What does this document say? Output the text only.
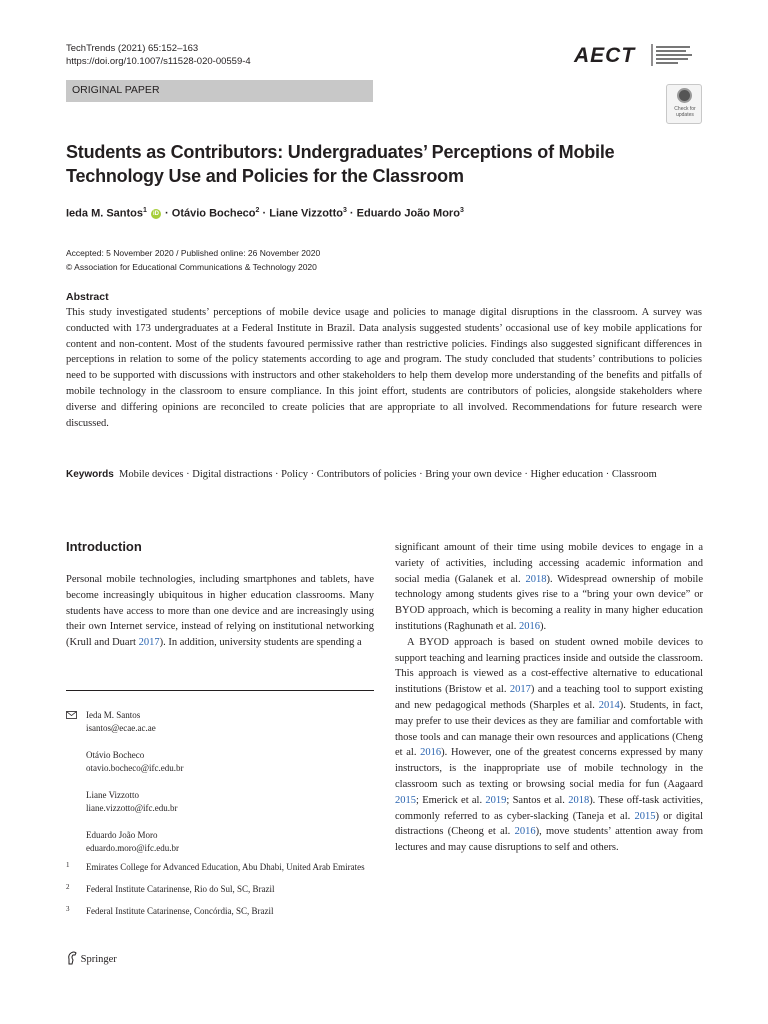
TechTrends (2021) 65:152–163
https://doi.org/10.1007/s11528-020-00559-4
ORIGINAL PAPER
AECT
Check for updates
Students as Contributors: Undergraduates’ Perceptions of Mobile Technology Use and Policies for the Classroom
Ieda M. Santos$^1$ iD · Otávio Bocheco$^2$ · Liane Vizzotto$^3$ · Eduardo João Moro$^3$
Accepted: 5 November 2020 / Published online: 26 November 2020
© Association for Educational Communications & Technology 2020
Abstract
This study investigated students’ perceptions of mobile device usage and policies to manage digital disruptions in the classroom. A survey was conducted with 173 undergraduates at a Federal Institute in Brazil. Data analysis suggested students’ occasional use of key mobile applications for content and non-content. Most of the students favoured permissive rather than restrictive policies. Findings also suggested significant differences in perceptions in relation to some of the policy statements according to age and program. The study concluded that students’ contributions to policies need to be supported with discussions with instructors and other stakeholders to help them develop more understanding of the benefits and pitfalls of mobile technology in the classroom to ensure compliance. In this joint effort, students are contributors of policies, alongside stakeholders where diverse and differing opinions are reconciled to create policies that are appropriate to all involved. Recommendations for future research were discussed.
Keywords Mobile devices · Digital distractions · Policy · Contributors of policies · Bring your own device · Higher education · Classroom
Introduction

Personal mobile technologies, including smartphones and tablets, have become increasingly ubiquitous in higher education classrooms. Many students have access to more than one device and are increasingly using their own Internet service, instead of relying on institutional networking (Krull and Duart 2017). In addition, university students are spending a

significant amount of their time using mobile devices to engage in a variety of activities, including accessing academic information and social media (Galanek et al. 2018). Widespread ownership of mobile technology among students gives rise to a “bring your own device” or BYOD approach, which is becoming a reality in many higher education institutions (Raghunath et al. 2016).

A BYOD approach is based on student owned mobile devices to support teaching and learning practices inside and outside the classroom. This approach is viewed as a cost-effective alternative to educational institutions (Bristow et al. 2017) and a teaching tool to support existing and new pedagogical methods (Sharples et al. 2014). Students, in fact, may prefer to use their devices as they are familiar and comfortable with those tools and can manage their own resources and applications (Cheng et al. 2016). However, one of the greatest concerns expressed by many instructors, is the inappropriate use of mobile technology in the classroom such as texting or browsing social media for fun (Aagaard 2015; Emerick et al. 2019; Santos et al. 2018). These off-task activities, commonly referred to as cyber-slacking (Taneja et al. 2015) or digital distractions (Cheong et al. 2016), move students’ attention away from lectures and may cause disruptions to self and others.

Ieda M. Santos
isantos@ecae.ac.ae
Otávio Bocheco
otavio.bocheco@ifc.edu.br
Liane Vizzotto
liane.vizzotto@ifc.edu.br
Eduardo João Moro
eduardo.moro@ifc.edu.br
1 Emirates College for Advanced Education, Abu Dhabi, United Arab Emirates
2 Federal Institute Catarinense, Rio do Sul, SC, Brazil
3 Federal Institute Catarinense, Concórdia, SC, Brazil
Springer
